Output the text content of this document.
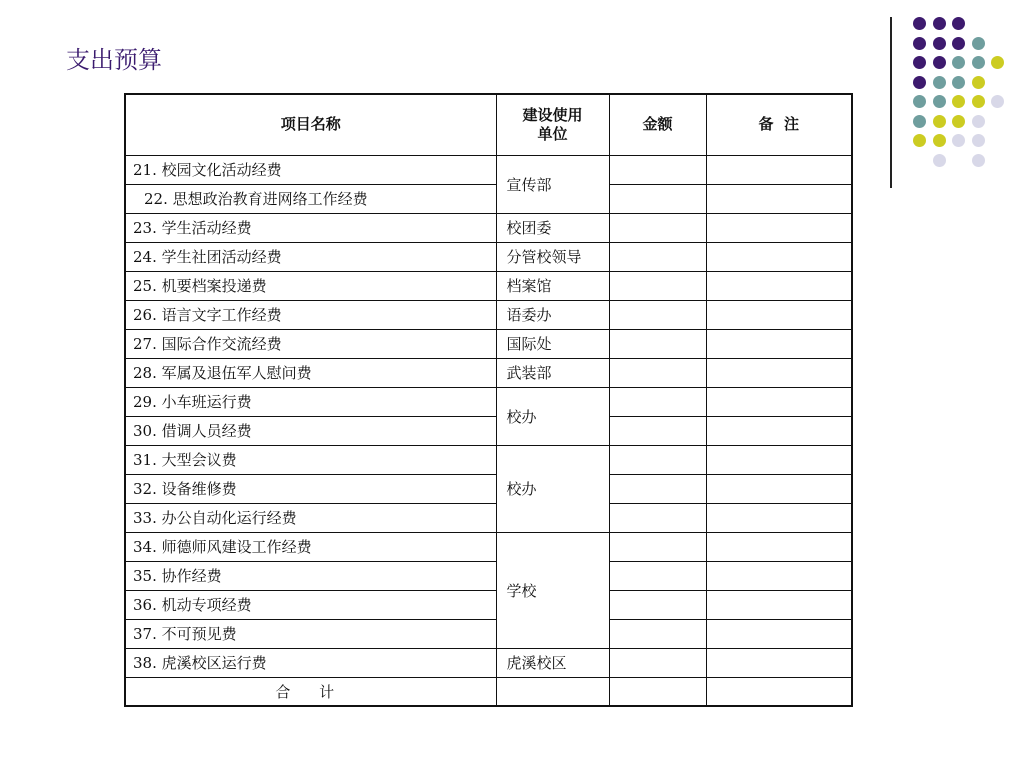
支出预算
项目名称	建设使用单位	金额	备  注
21. 校园文化活动经费	宣传部		
22. 思想政治教育进网络工作经费			
23. 学生活动经费	校团委		
24. 学生社团活动经费	分管校领导		
25. 机要档案投递费	档案馆		
26. 语言文字工作经费	语委办		
27. 国际合作交流经费	国际处		
28. 军属及退伍军人慰问费	武装部		
29. 小车班运行费	校办		
30. 借调人员经费			
31. 大型会议费	校办		
32. 设备维修费			
33. 办公自动化运行经费			
34. 师德师风建设工作经费	学校		
35. 协作经费			
36. 机动专项经费			
37. 不可预见费			
38. 虎溪校区运行费	虎溪校区		
合 计			
